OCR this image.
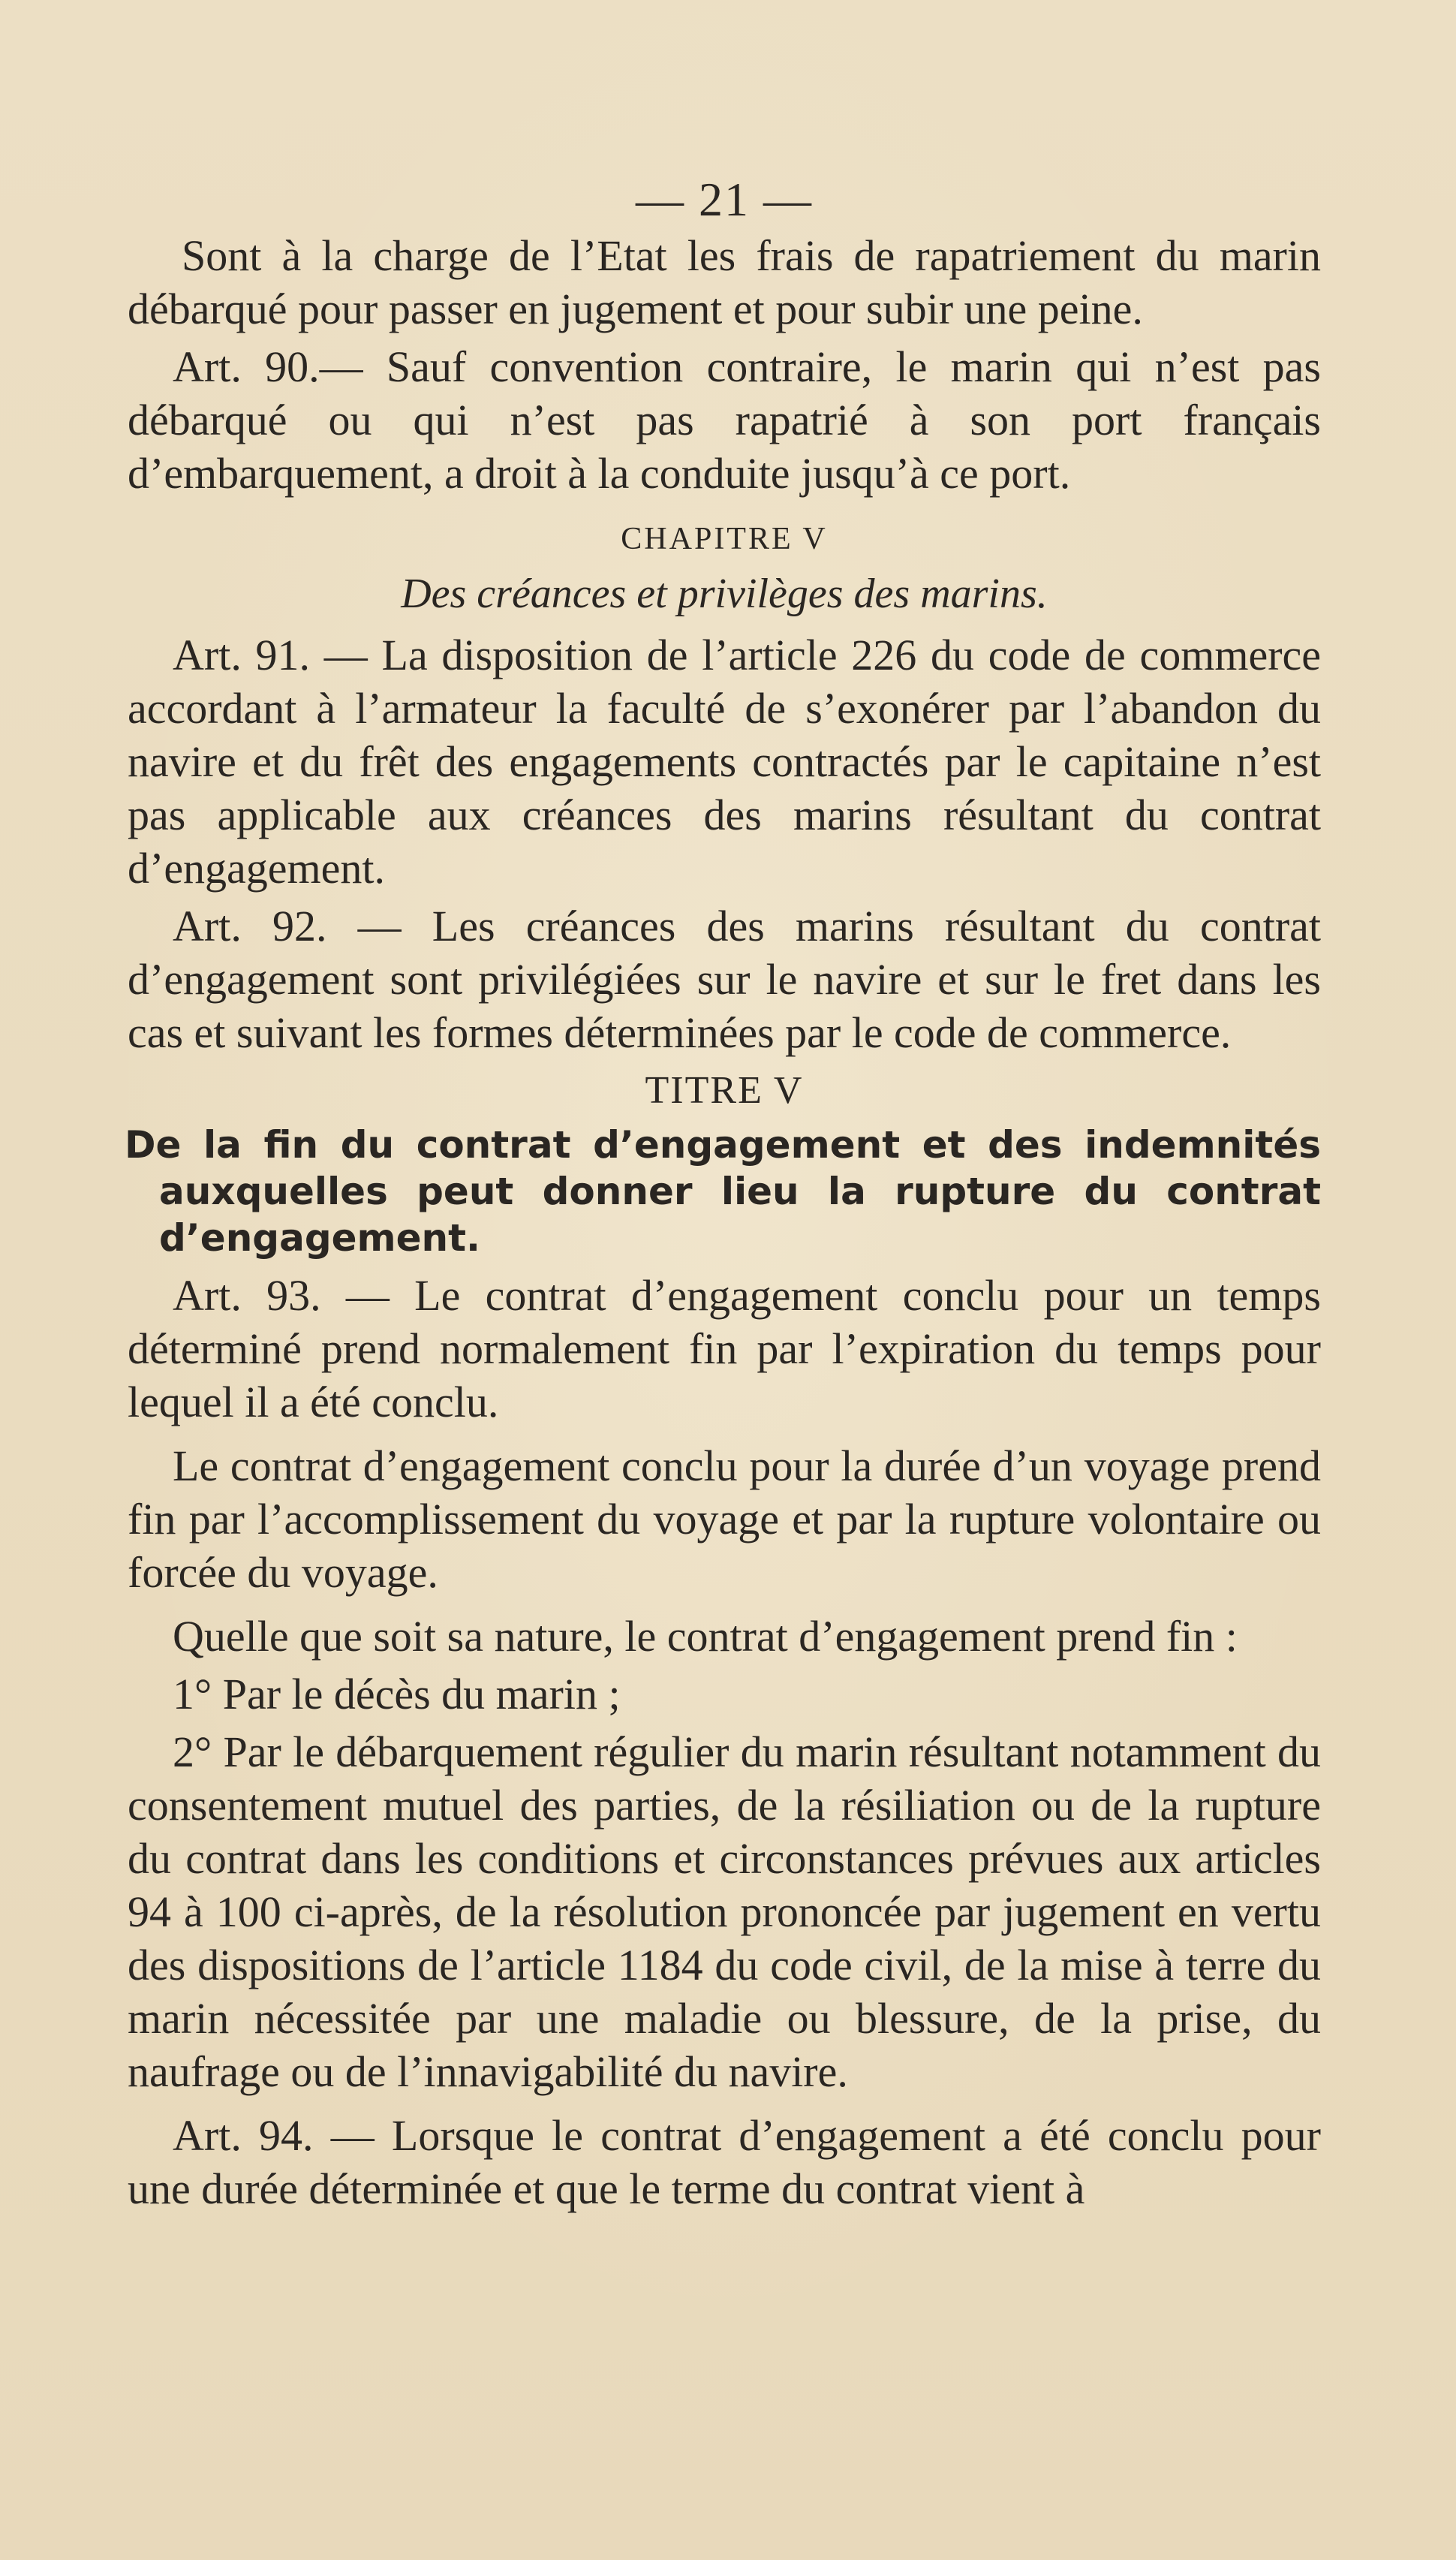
— 21 —

Sont à la charge de l’Etat les frais de rapatriement du marin débarqué pour passer en jugement et pour subir une peine.

Art. 90.— Sauf convention contraire, le marin qui n’est pas débarqué ou qui n’est pas rapatrié à son port français d’embarquement, a droit à la conduite jusqu’à ce port.

CHAPITRE V
Des créances et privilèges des marins.

Art. 91. — La disposition de l’article 226 du code de commerce accordant à l’armateur la faculté de s’exonérer par l’abandon du navire et du frêt des engagements contractés par le capitaine n’est pas applicable aux créances des marins résultant du contrat d’engagement.

Art. 92. — Les créances des marins résultant du contrat d’engagement sont privilégiées sur le navire et sur le fret dans les cas et suivant les formes déterminées par le code de commerce.

TITRE V

De la fin du contrat d’engagement et des indemnités auxquelles peut donner lieu la rupture du contrat d’engagement.

Art. 93. — Le contrat d’engagement conclu pour un temps déterminé prend normalement fin par l’expiration du temps pour lequel il a été conclu.

Le contrat d’engagement conclu pour la durée d’un voyage prend fin par l’accomplissement du voyage et par la rupture volontaire ou forcée du voyage.

Quelle que soit sa nature, le contrat d’engagement prend fin :

1° Par le décès du marin ;

2° Par le débarquement régulier du marin résultant notamment du consentement mutuel des parties, de la résiliation ou de la rupture du contrat dans les conditions et circonstances prévues aux articles 94 à 100 ci-après, de la résolution prononcée par jugement en vertu des dispositions de l’article 1184 du code civil, de la mise à terre du marin nécessitée par une maladie ou blessure, de la prise, du naufrage ou de l’innavigabilité du navire.

Art. 94. — Lorsque le contrat d’engagement a été conclu pour une durée déterminée et que le terme du contrat vient à
